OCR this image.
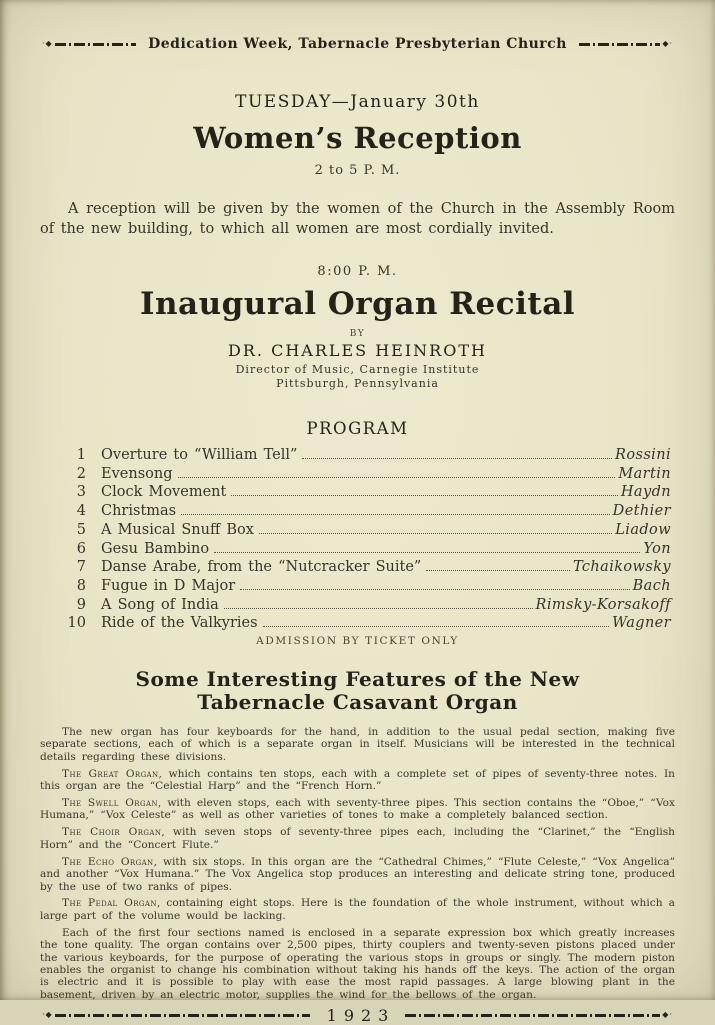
·◆	Dedication Week, Tabernacle Presbyterian Church	◆·
TUESDAY—January 30th
Women’s Reception
2 to 5 P. M.

A reception will be given by the women of the Church in the Assembly Room of the new building, to which all women are most cordially invited.

8:00 P. M.
Inaugural Organ Recital
BY
DR. CHARLES HEINROTH
Director of Music, Carnegie Institute
Pittsburgh, Pennsylvania
PROGRAM
1	Overture to “William Tell”	Rossini
2	Evensong	Martin
3	Clock Movement	Haydn
4	Christmas	Dethier
5	A Musical Snuff Box	Liadow
6	Gesu Bambino	Yon
7	Danse Arabe, from the “Nutcracker Suite”	Tchaikowsky
8	Fugue in D Major	Bach
9	A Song of India	Rimsky-Korsakoff
10	Ride of the Valkyries	Wagner
ADMISSION BY TICKET ONLY
Some Interesting Features of the New
Tabernacle Casavant Organ

The new organ has four keyboards for the hand, in addition to the usual pedal section, making five separate sections, each of which is a separate organ in itself. Musicians will be interested in the technical details regarding these divisions.

The Great Organ, which contains ten stops, each with a complete set of pipes of seventy-three notes. In this organ are the “Celestial Harp” and the “French Horn.”

The Swell Organ, with eleven stops, each with seventy-three pipes. This section contains the “Oboe,” “Vox Humana,” “Vox Celeste” as well as other varieties of tones to make a completely balanced section.

The Choir Organ, with seven stops of seventy-three pipes each, including the “Clarinet,” the “English Horn” and the “Concert Flute.”

The Echo Organ, with six stops. In this organ are the “Cathedral Chimes,” “Flute Celeste,” “Vox Angelica” and another “Vox Humana.” The Vox Angelica stop produces an interesting and delicate string tone, produced by the use of two ranks of pipes.

The Pedal Organ, containing eight stops. Here is the foundation of the whole instrument, without which a large part of the volume would be lacking.

Each of the first four sections named is enclosed in a separate expression box which greatly increases the tone quality. The organ contains over 2,500 pipes, thirty couplers and twenty-seven pistons placed under the various keyboards, for the purpose of operating the various stops in groups or singly. The modern piston enables the organist to change his combination without taking his hands off the keys. The action of the organ is electric and it is possible to play with ease the most rapid passages. A large blowing plant in the basement, driven by an electric motor, supplies the wind for the bellows of the organ.

·◆	1923	◆·
